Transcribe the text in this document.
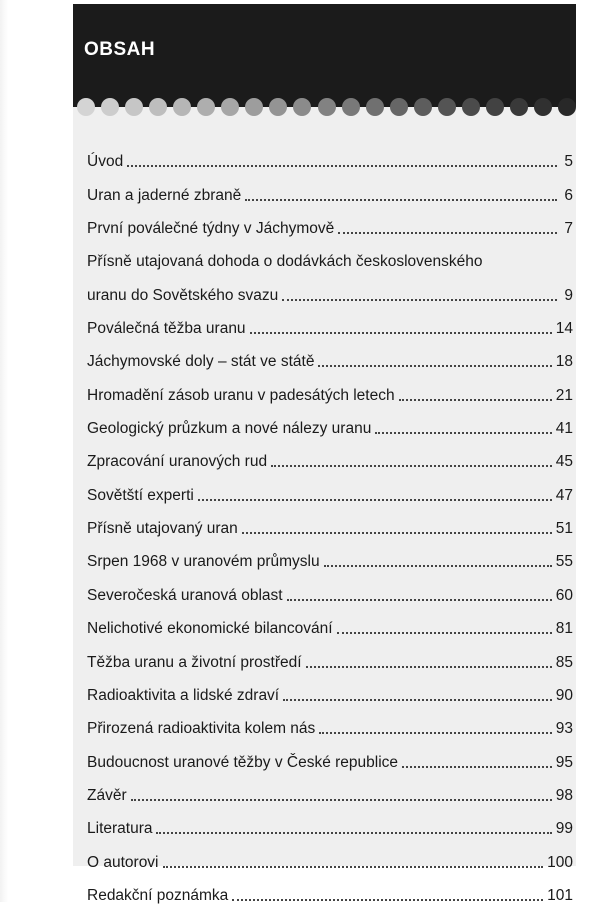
OBSAH
Úvod	5
Uran a jaderné zbraně	6
První poválečné týdny v Jáchymově	7
Přísně utajovaná dohoda o dodávkách československého
uranu do Sovětského svazu	9
Poválečná těžba uranu	14
Jáchymovské doly – stát ve státě	18
Hromadění zásob uranu v padesátých letech	21
Geologický průzkum a nové nálezy uranu	41
Zpracování uranových rud	45
Sovětští experti	47
Přísně utajovaný uran	51
Srpen 1968 v uranovém průmyslu	55
Severočeská uranová oblast	60
Nelichotivé ekonomické bilancování	81
Těžba uranu a životní prostředí	85
Radioaktivita a lidské zdraví	90
Přirozená radioaktivita kolem nás	93
Budoucnost uranové těžby v České republice	95
Závěr	98
Literatura	99
O autorovi	100
Redakční poznámka	101
